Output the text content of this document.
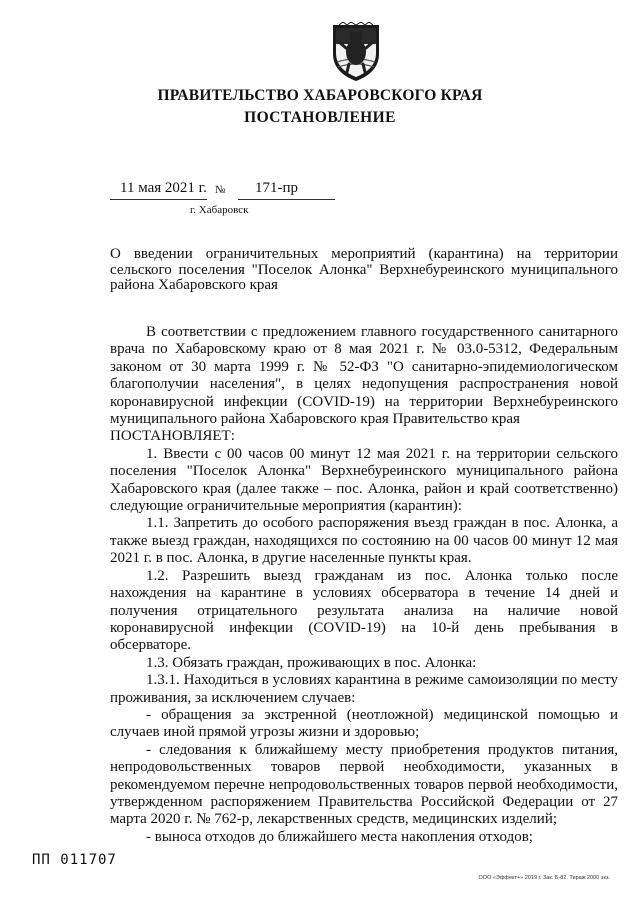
ПРАВИТЕЛЬСТВО ХАБАРОВСКОГО КРАЯ
ПОСТАНОВЛЕНИЕ
11 мая 2021 г. № 171-пр
г. Хабаровск
О введении ограничительных мероприятий (карантина) на территории сельского поселения "Поселок Алонка" Верхнебуреинского муниципального района Хабаровского края

В соответствии с предложением главного государственного санитарного врача по Хабаровскому краю от 8 мая 2021 г. № 03.0-5312, Федеральным законом от 30 марта 1999 г. № 52-ФЗ "О санитарно-эпидемиологическом благополучии населения", в целях недопущения распространения новой коронавирусной инфекции (COVID-19) на территории Верхнебуреинского муниципального района Хабаровского края Правительство края

ПОСТАНОВЛЯЕТ:

1. Ввести с 00 часов 00 минут 12 мая 2021 г. на территории сельского поселения "Поселок Алонка" Верхнебуреинского муниципального района Хабаровского края (далее также – пос. Алонка, район и край соответственно) следующие ограничительные мероприятия (карантин):

1.1. Запретить до особого распоряжения въезд граждан в пос. Алонка, а также выезд граждан, находящихся по состоянию на 00 часов 00 минут 12 мая 2021 г. в пос. Алонка, в другие населенные пункты края.

1.2. Разрешить выезд гражданам из пос. Алонка только после нахождения на карантине в условиях обсерватора в течение 14 дней и получения отрицательного результата анализа на наличие новой коронавирусной инфекции (COVID-19) на 10-й день пребывания в обсерваторе.

1.3. Обязать граждан, проживающих в пос. Алонка:

1.3.1. Находиться в условиях карантина в режиме самоизоляции по месту проживания, за исключением случаев:

- обращения за экстренной (неотложной) медицинской помощью и случаев иной прямой угрозы жизни и здоровью;

- следования к ближайшему месту приобретения продуктов питания, непродовольственных товаров первой необходимости, указанных в рекомендуемом перечне непродовольственных товаров первой необходимости, утвержденном распоряжением Правительства Российской Федерации от 27 марта 2020 г. № 762-р, лекарственных средств, медицинских изделий;

- выноса отходов до ближайшего места накопления отходов;

ПП 011707
ООО «Эффект+» 2019 г. Зак. Б-82. Тираж 2000 экз.
